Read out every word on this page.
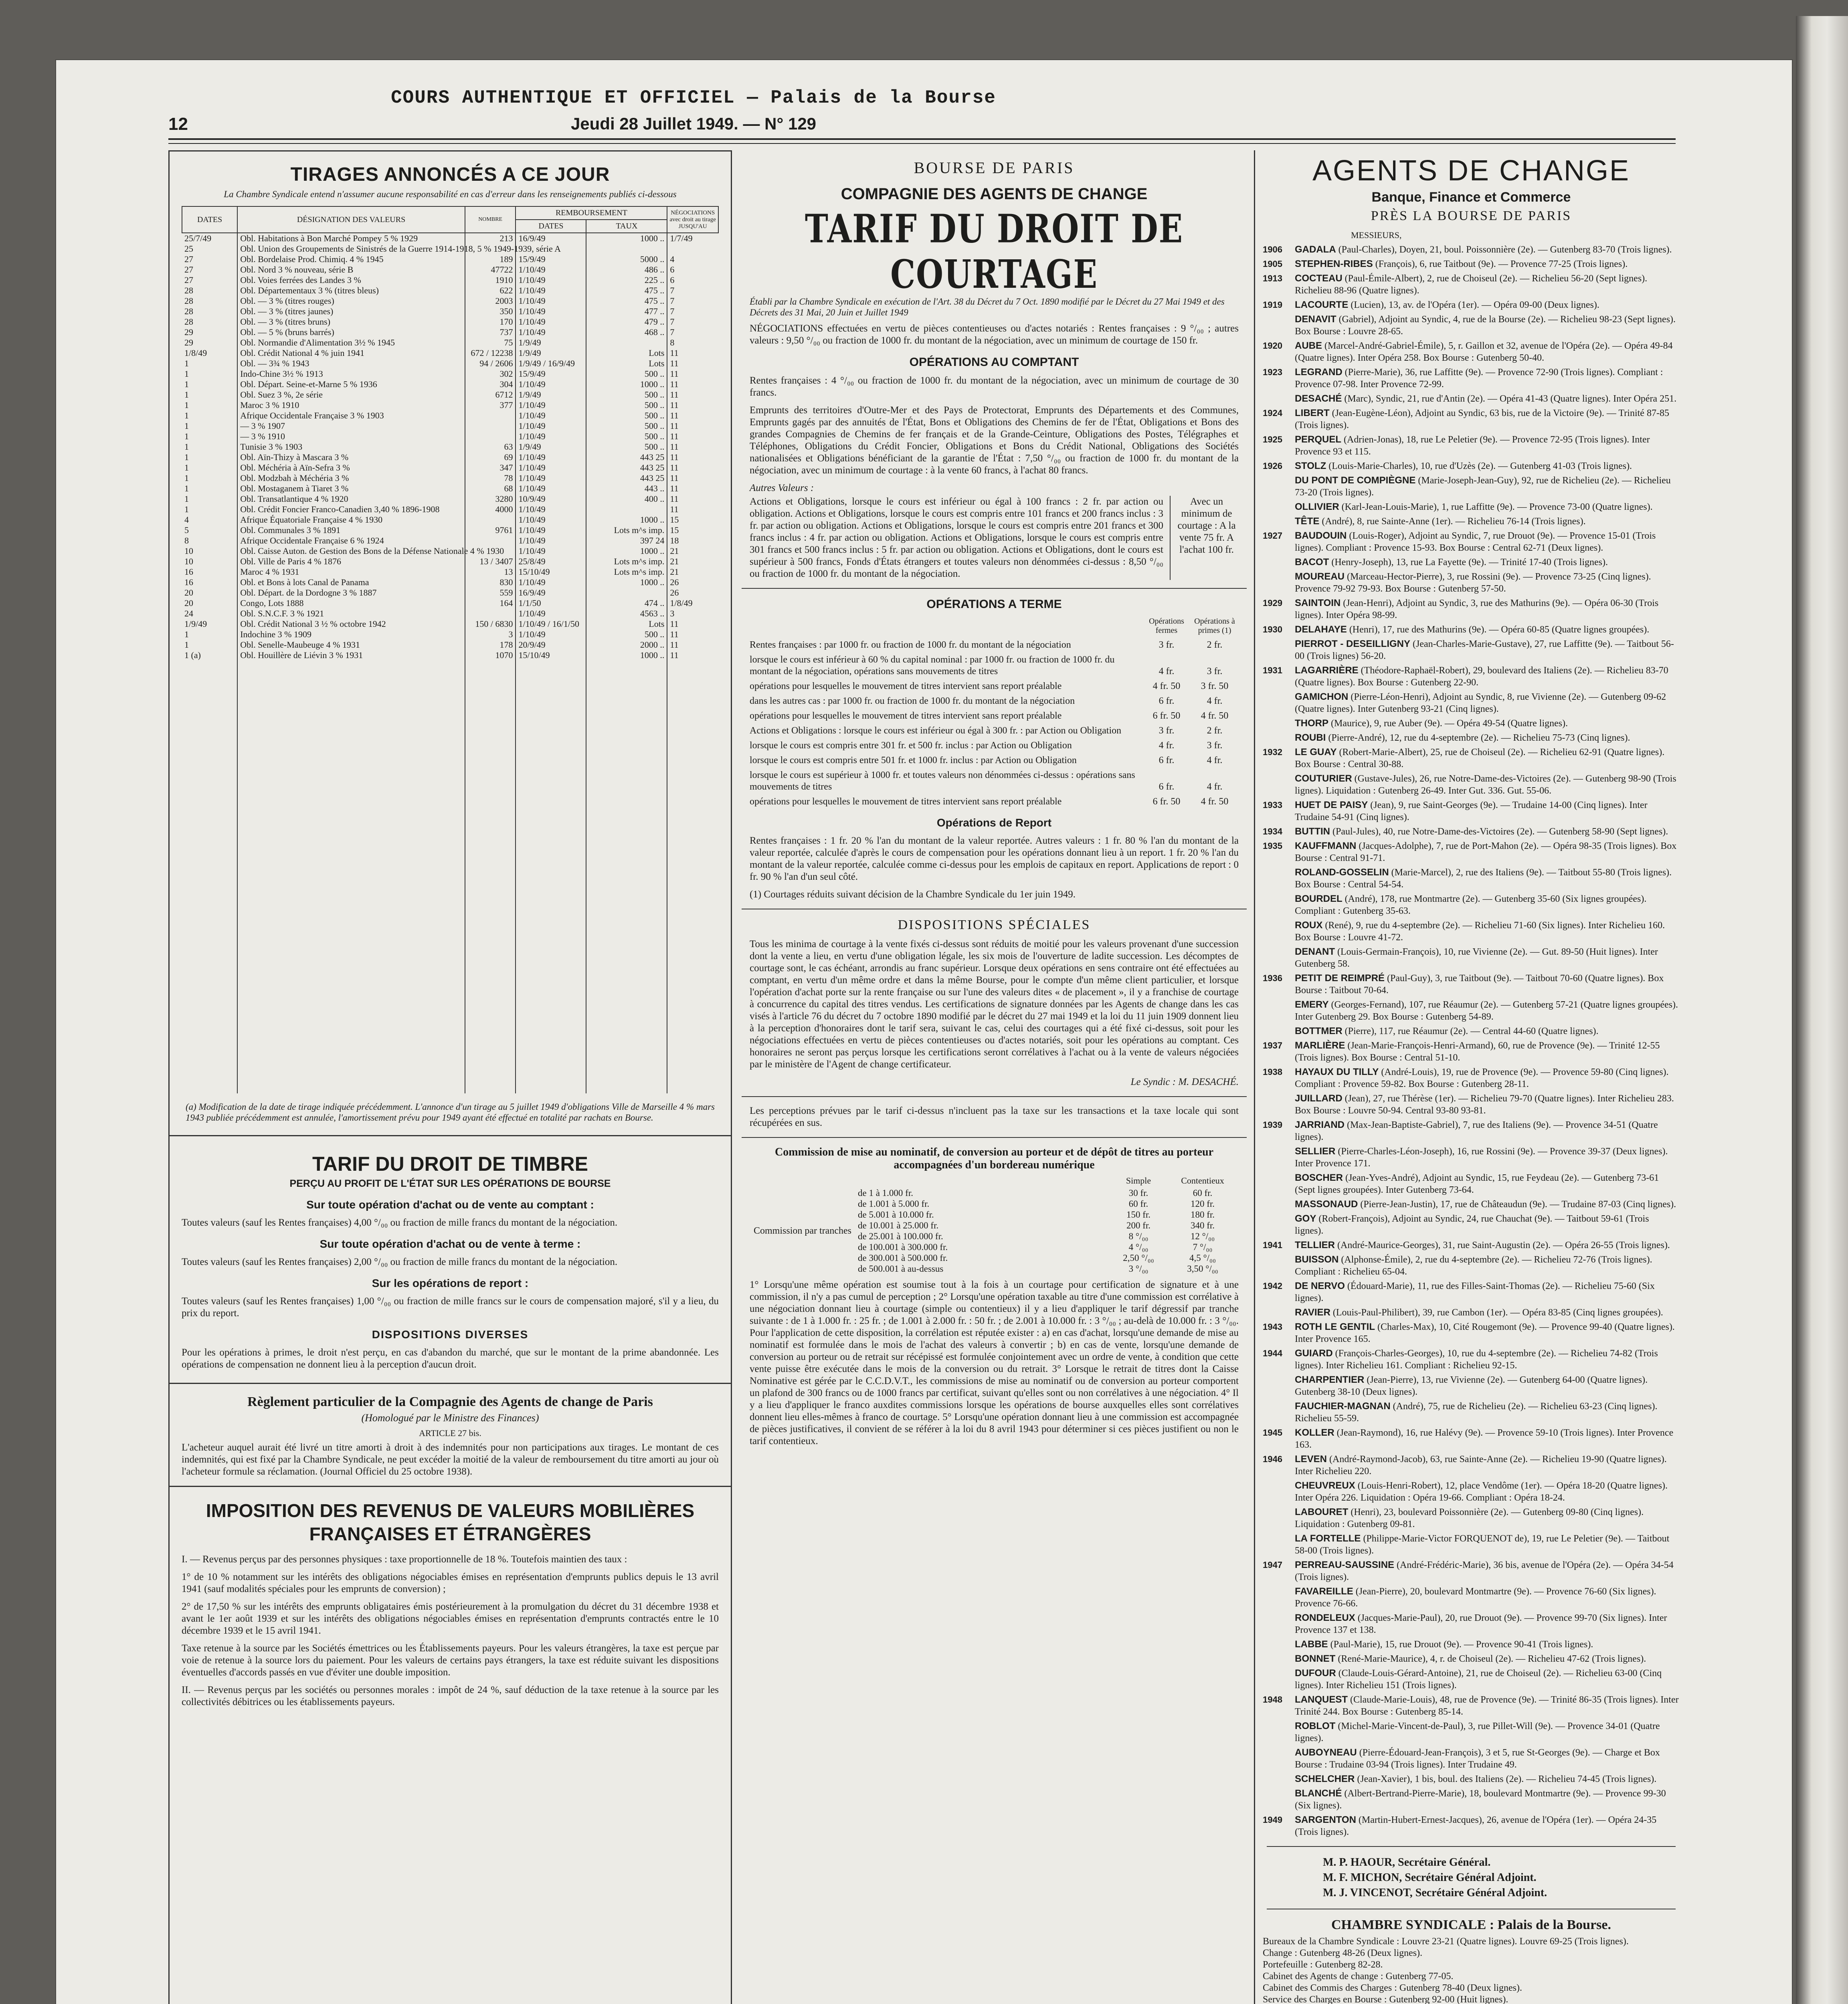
COURS AUTHENTIQUE ET OFFICIEL — Palais de la Bourse
12	Jeudi 28 Juillet 1949. — N° 129
TIRAGES ANNONCÉS A CE JOUR
La Chambre Syndicale entend n'assumer aucune responsabilité en cas d'erreur dans les renseignements publiés ci-dessous
DATES	DÉSIGNATION DES VALEURS	NOMBRE	REMBOURSEMENT		NÉGOCIATIONS avec droit au tirage JUSQU'AU
			DATES	TAUX	
25/7/49	Obl. Habitations à Bon Marché Pompey 5 % 1929	213	16/9/49	1000 ..	1/7/49
25	Obl. Union des Groupements de Sinistrés de la Guerre 1914-1918, 5 % 1949-1939, série A				
27	Obl. Bordelaise Prod. Chimiq. 4 % 1945	189	15/9/49	5000 ..	4
27	Obl. Nord 3 % nouveau, série B	47722	1/10/49	486 ..	6
27	Obl. Voies ferrées des Landes 3 %	1910	1/10/49	225 ..	6
28	Obl. Départementaux 3 % (titres bleus)	622	1/10/49	475 ..	7
28	Obl. — 3 % (titres rouges)	2003	1/10/49	475 ..	7
28	Obl. — 3 % (titres jaunes)	350	1/10/49	477 ..	7
28	Obl. — 3 % (titres bruns)	170	1/10/49	479 ..	7
29	Obl. — 5 % (bruns barrés)	737	1/10/49	468 ..	7
29	Obl. Normandie d'Alimentation 3½ % 1945	75	1/9/49		8
1/8/49	Obl. Crédit National 4 % juin 1941	672 / 12238	1/9/49	Lots	11
1	Obl. — 3¾ % 1943	94 / 2606	1/9/49 / 16/9/49	Lots	11
1	Indo-Chine 3½ % 1913	302	15/9/49	500 ..	11
1	Obl. Départ. Seine-et-Marne 5 % 1936	304	1/10/49	1000 ..	11
1	Obl. Suez 3 %, 2e série	6712	1/9/49	500 ..	11
1	Maroc 3 % 1910	377	1/10/49	500 ..	11
1	Afrique Occidentale Française 3 % 1903		1/10/49	500 ..	11
1	— 3 % 1907		1/10/49	500 ..	11
1	— 3 % 1910		1/10/49	500 ..	11
1	Tunisie 3 % 1903	63	1/9/49	500 ..	11
1	Obl. Aïn-Thizy à Mascara 3 %	69	1/10/49	443 25	11
1	Obl. Méchéria à Aïn-Sefra 3 %	347	1/10/49	443 25	11
1	Obl. Modzbah à Méchéria 3 %	78	1/10/49	443 25	11
1	Obl. Mostaganem à Tiaret 3 %	68	1/10/49	443 ..	11
1	Obl. Transatlantique 4 % 1920	3280	10/9/49	400 ..	11
1	Obl. Crédit Foncier Franco-Canadien 3,40 % 1896-1908	4000	1/10/49		11
4	Afrique Équatoriale Française 4 % 1930		1/10/49	1000 ..	15
5	Obl. Communales 3 % 1891	9761	1/10/49	Lots m^s imp.	15
8	Afrique Occidentale Française 6 % 1924		1/10/49	397 24	18
10	Obl. Caisse Auton. de Gestion des Bons de la Défense Nationale 4 % 1930		1/10/49	1000 ..	21
10	Obl. Ville de Paris 4 % 1876	13 / 3407	25/8/49	Lots m^s imp.	21
16	Maroc 4 % 1931	13	15/10/49	Lots m^s imp.	21
16	Obl. et Bons à lots Canal de Panama	830	1/10/49	1000 ..	26
20	Obl. Départ. de la Dordogne 3 % 1887	559	16/9/49		26
20	Congo, Lots 1888	164	1/1/50	474 ..	1/8/49
24	Obl. S.N.C.F. 3 % 1921		1/10/49	4563 ..	3
1/9/49	Obl. Crédit National 3 ½ % octobre 1942	150 / 6830	1/10/49 / 16/1/50	Lots	11
1	Indochine 3 % 1909	3	1/10/49	500 ..	11
1	Obl. Senelle-Maubeuge 4 % 1931	178	20/9/49	2000 ..	11
1 (a)	Obl. Houillère de Liévin 3 % 1931	1070	15/10/49	1000 ..	11

(a) Modification de la date de tirage indiquée précédemment. L'annonce d'un tirage au 5 juillet 1949 d'obligations Ville de Marseille 4 % mars 1943 publiée précédemment est annulée, l'amortissement prévu pour 1949 ayant été effectué en totalité par rachats en Bourse.
TARIF DU DROIT DE TIMBRE
PERÇU AU PROFIT DE L'ÉTAT SUR LES OPÉRATIONS DE BOURSE
Sur toute opération d'achat ou de vente au comptant :
Toutes valeurs (sauf les Rentes françaises) 4,00 °/₀₀ ou fraction de mille francs du montant de la négociation.
Sur toute opération d'achat ou de vente à terme :
Toutes valeurs (sauf les Rentes françaises) 2,00 °/₀₀ ou fraction de mille francs du montant de la négociation.
Sur les opérations de report :
Toutes valeurs (sauf les Rentes françaises) 1,00 °/₀₀ ou fraction de mille francs sur le cours de compensation majoré, s'il y a lieu, du prix du report.
DISPOSITIONS DIVERSES
Pour les opérations à primes, le droit n'est perçu, en cas d'abandon du marché, que sur le montant de la prime abandonnée. Les opérations de compensation ne donnent lieu à la perception d'aucun droit.
Règlement particulier de la Compagnie des Agents de change de Paris
(Homologué par le Ministre des Finances)
ARTICLE 27 bis.
L'acheteur auquel aurait été livré un titre amorti à droit à des indemnités pour non participations aux tirages. Le montant de ces indemnités, qui est fixé par la Chambre Syndicale, ne peut excéder la moitié de la valeur de remboursement du titre amorti au jour où l'acheteur formule sa réclamation. (Journal Officiel du 25 octobre 1938).
IMPOSITION DES REVENUS DE VALEURS MOBILIÈRES FRANÇAISES ET ÉTRANGÈRES
I. — Revenus perçus par des personnes physiques : taxe proportionnelle de 18 %. Toutefois maintien des taux :
1° de 10 % notamment sur les intérêts des obligations négociables émises en représentation d'emprunts publics depuis le 13 avril 1941 (sauf modalités spéciales pour les emprunts de conversion) ;
2° de 17,50 % sur les intérêts des emprunts obligataires émis postérieurement à la promulgation du décret du 31 décembre 1938 et avant le 1er août 1939 et sur les intérêts des obligations négociables émises en représentation d'emprunts contractés entre le 10 décembre 1939 et le 15 avril 1941.
Taxe retenue à la source par les Sociétés émettrices ou les Établissements payeurs. Pour les valeurs étrangères, la taxe est perçue par voie de retenue à la source lors du paiement. Pour les valeurs de certains pays étrangers, la taxe est réduite suivant les dispositions éventuelles d'accords passés en vue d'éviter une double imposition.
II. — Revenus perçus par les sociétés ou personnes morales : impôt de 24 %, sauf déduction de la taxe retenue à la source par les collectivités débitrices ou les établissements payeurs.
BOURSE DE PARIS
COMPAGNIE DES AGENTS DE CHANGE
TARIF DU DROIT DE COURTAGE
Établi par la Chambre Syndicale en exécution de l'Art. 38 du Décret du 7 Oct. 1890 modifié par le Décret du 27 Mai 1949 et des Décrets des 31 Mai, 20 Juin et Juillet 1949
NÉGOCIATIONS effectuées en vertu de pièces contentieuses ou d'actes notariés : Rentes françaises : 9 °/₀₀ ; autres valeurs : 9,50 °/₀₀ ou fraction de 1000 fr. du montant de la négociation, avec un minimum de courtage de 150 fr.
OPÉRATIONS AU COMPTANT
Rentes françaises : 4 °/₀₀ ou fraction de 1000 fr. du montant de la négociation, avec un minimum de courtage de 30 francs.
Emprunts des territoires d'Outre-Mer et des Pays de Protectorat, Emprunts des Départements et des Communes, Emprunts gagés par des annuités de l'État, Bons et Obligations des Chemins de fer de l'État, Obligations et Bons des grandes Compagnies de Chemins de fer français et de la Grande-Ceinture, Obligations des Postes, Télégraphes et Téléphones, Obligations du Crédit Foncier, Obligations et Bons du Crédit National, Obligations des Sociétés nationalisées et Obligations bénéficiant de la garantie de l'État : 7,50 °/₀₀ ou fraction de 1000 fr. du montant de la négociation, avec un minimum de courtage : à la vente 60 francs, à l'achat 80 francs.
Autres Valeurs :
Actions et Obligations, lorsque le cours est inférieur ou égal à 100 francs : 2 fr. par action ou obligation. Actions et Obligations, lorsque le cours est compris entre 101 francs et 200 francs inclus : 3 fr. par action ou obligation. Actions et Obligations, lorsque le cours est compris entre 201 francs et 300 francs inclus : 4 fr. par action ou obligation. Actions et Obligations, lorsque le cours est compris entre 301 francs et 500 francs inclus : 5 fr. par action ou obligation. Actions et Obligations, dont le cours est supérieur à 500 francs, Fonds d'États étrangers et toutes valeurs non dénommées ci-dessus : 8,50 °/₀₀ ou fraction de 1000 fr. du montant de la négociation.
Avec un minimum de courtage : A la vente 75 fr. A l'achat 100 fr.
OPÉRATIONS A TERME
Opérations fermes
Opérations à primes (1)
Rentes françaises : par 1000 fr. ou fraction de 1000 fr. du montant de la négociation	3 fr.	2 fr.
lorsque le cours est inférieur à 60 % du capital nominal : par 1000 fr. ou fraction de 1000 fr. du montant de la négociation, opérations sans mouvements de titres	4 fr.	3 fr.
opérations pour lesquelles le mouvement de titres intervient sans report préalable	4 fr. 50	3 fr. 50
dans les autres cas : par 1000 fr. ou fraction de 1000 fr. du montant de la négociation	6 fr.	4 fr.
opérations pour lesquelles le mouvement de titres intervient sans report préalable	6 fr. 50	4 fr. 50
Actions et Obligations : lorsque le cours est inférieur ou égal à 300 fr. : par Action ou Obligation	3 fr.	2 fr.
lorsque le cours est compris entre 301 fr. et 500 fr. inclus : par Action ou Obligation	4 fr.	3 fr.
lorsque le cours est compris entre 501 fr. et 1000 fr. inclus : par Action ou Obligation	6 fr.	4 fr.
lorsque le cours est supérieur à 1000 fr. et toutes valeurs non dénommées ci-dessus : opérations sans mouvements de titres	6 fr.	4 fr.
opérations pour lesquelles le mouvement de titres intervient sans report préalable	6 fr. 50	4 fr. 50
Opérations de Report
Rentes françaises : 1 fr. 20 % l'an du montant de la valeur reportée. Autres valeurs : 1 fr. 80 % l'an du montant de la valeur reportée, calculée d'après le cours de compensation pour les opérations donnant lieu à un report. 1 fr. 20 % l'an du montant de la valeur reportée, calculée comme ci-dessus pour les emplois de capitaux en report. Applications de report : 0 fr. 90 % l'an d'un seul côté.
(1) Courtages réduits suivant décision de la Chambre Syndicale du 1er juin 1949.
DISPOSITIONS SPÉCIALES
Tous les minima de courtage à la vente fixés ci-dessus sont réduits de moitié pour les valeurs provenant d'une succession dont la vente a lieu, en vertu d'une obligation légale, les six mois de l'ouverture de ladite succession. Les décomptes de courtage sont, le cas échéant, arrondis au franc supérieur. Lorsque deux opérations en sens contraire ont été effectuées au comptant, en vertu d'un même ordre et dans la même Bourse, pour le compte d'un même client particulier, et lorsque l'opération d'achat porte sur la rente française ou sur l'une des valeurs dites « de placement », il y a franchise de courtage à concurrence du capital des titres vendus. Les certifications de signature données par les Agents de change dans les cas visés à l'article 76 du décret du 7 octobre 1890 modifié par le décret du 27 mai 1949 et la loi du 11 juin 1909 donnent lieu à la perception d'honoraires dont le tarif sera, suivant le cas, celui des courtages qui a été fixé ci-dessus, soit pour les négociations effectuées en vertu de pièces contentieuses ou d'actes notariés, soit pour les opérations au comptant. Ces honoraires ne seront pas perçus lorsque les certifications seront corrélatives à l'achat ou à la vente de valeurs négociées par le ministère de l'Agent de change certificateur.
Le Syndic : M. DESACHÉ.
Les perceptions prévues par le tarif ci-dessus n'incluent pas la taxe sur les transactions et la taxe locale qui sont récupérées en sus.
Commission de mise au nominatif, de conversion au porteur et de dépôt de titres au porteur accompagnées d'un bordereau numérique
Simple	Contentieux
Commission par tranches
de 1 à 1.000 fr.	30 fr.	60 fr.
de 1.001 à 5.000 fr.	60 fr.	120 fr.
de 5.001 à 10.000 fr.	150 fr.	180 fr.
de 10.001 à 25.000 fr.	200 fr.	340 fr.
de 25.001 à 100.000 fr.	8 °/₀₀	12 °/₀₀
de 100.001 à 300.000 fr.	4 °/₀₀	7 °/₀₀
de 300.001 à 500.000 fr.	2,50 °/₀₀	4,5 °/₀₀
de 500.001 à au-dessus	3 °/₀₀	3,50 °/₀₀
1° Lorsqu'une même opération est soumise tout à la fois à un courtage pour certification de signature et à une commission, il n'y a pas cumul de perception ; 2° Lorsqu'une opération taxable au titre d'une commission est corrélative à une négociation donnant lieu à courtage (simple ou contentieux) il y a lieu d'appliquer le tarif dégressif par tranche suivante : de 1 à 1.000 fr. : 25 fr. ; de 1.001 à 2.000 fr. : 50 fr. ; de 2.001 à 10.000 fr. : 3 °/₀₀ ; au-delà de 10.000 fr. : 3 °/₀₀. Pour l'application de cette disposition, la corrélation est réputée exister : a) en cas d'achat, lorsqu'une demande de mise au nominatif est formulée dans le mois de l'achat des valeurs à convertir ; b) en cas de vente, lorsqu'une demande de conversion au porteur ou de retrait sur récépissé est formulée conjointement avec un ordre de vente, à condition que cette vente puisse être exécutée dans le mois de la conversion ou du retrait. 3° Lorsque le retrait de titres dont la Caisse Nominative est gérée par le C.C.D.V.T., les commissions de mise au nominatif ou de conversion au porteur comportent un plafond de 300 francs ou de 1000 francs par certificat, suivant qu'elles sont ou non corrélatives à une négociation. 4° Il y a lieu d'appliquer le franco auxdites commissions lorsque les opérations de bourse auxquelles elles sont corrélatives donnent lieu elles-mêmes à franco de courtage. 5° Lorsqu'une opération donnant lieu à une commission est accompagnée de pièces justificatives, il convient de se référer à la loi du 8 avril 1943 pour déterminer si ces pièces justifient ou non le tarif contentieux.
AGENTS DE CHANGE
Banque, Finance et Commerce
PRÈS LA BOURSE DE PARIS
MESSIEURS,
1906 GADALA (Paul-Charles), Doyen, 21, boul. Poissonnière (2e). — Gutenberg 83-70 (Trois lignes).
1905 STEPHEN-RIBES (François), 6, rue Taitbout (9e). — Provence 77-25 (Trois lignes).
1913 COCTEAU (Paul-Émile-Albert), 2, rue de Choiseul (2e). — Richelieu 56-20 (Sept lignes). Richelieu 88-96 (Quatre lignes).
1919 LACOURTE (Lucien), 13, av. de l'Opéra (1er). — Opéra 09-00 (Deux lignes).
DENAVIT (Gabriel), Adjoint au Syndic, 4, rue de la Bourse (2e). — Richelieu 98-23 (Sept lignes). Box Bourse : Louvre 28-65.
1920 AUBE (Marcel-André-Gabriel-Émile), 5, r. Gaillon et 32, avenue de l'Opéra (2e). — Opéra 49-84 (Quatre lignes). Inter Opéra 258. Box Bourse : Gutenberg 50-40.
1923 LEGRAND (Pierre-Marie), 36, rue Laffitte (9e). — Provence 72-90 (Trois lignes). Compliant : Provence 07-98. Inter Provence 72-99.
DESACHÉ (Marc), Syndic, 21, rue d'Antin (2e). — Opéra 41-43 (Quatre lignes). Inter Opéra 251.
1924 LIBERT (Jean-Eugène-Léon), Adjoint au Syndic, 63 bis, rue de la Victoire (9e). — Trinité 87-85 (Trois lignes).
1925 PERQUEL (Adrien-Jonas), 18, rue Le Peletier (9e). — Provence 72-95 (Trois lignes). Inter Provence 93 et 115.
1926 STOLZ (Louis-Marie-Charles), 10, rue d'Uzès (2e). — Gutenberg 41-03 (Trois lignes).
DU PONT DE COMPIÈGNE (Marie-Joseph-Jean-Guy), 92, rue de Richelieu (2e). — Richelieu 73-20 (Trois lignes).
OLLIVIER (Karl-Jean-Louis-Marie), 1, rue Laffitte (9e). — Provence 73-00 (Quatre lignes).
TÊTE (André), 8, rue Sainte-Anne (1er). — Richelieu 76-14 (Trois lignes).
1927 BAUDOUIN (Louis-Roger), Adjoint au Syndic, 7, rue Drouot (9e). — Provence 15-01 (Trois lignes). Compliant : Provence 15-93. Box Bourse : Central 62-71 (Deux lignes).
BACOT (Henry-Joseph), 13, rue La Fayette (9e). — Trinité 17-40 (Trois lignes).
MOUREAU (Marceau-Hector-Pierre), 3, rue Rossini (9e). — Provence 73-25 (Cinq lignes). Provence 79-92 79-93. Box Bourse : Gutenberg 57-50.
1929 SAINTOIN (Jean-Henri), Adjoint au Syndic, 3, rue des Mathurins (9e). — Opéra 06-30 (Trois lignes). Inter Opéra 98-99.
1930 DELAHAYE (Henri), 17, rue des Mathurins (9e). — Opéra 60-85 (Quatre lignes groupées).
PIERROT - DESEILLIGNY (Jean-Charles-Marie-Gustave), 27, rue Laffitte (9e). — Taitbout 56-00 (Trois lignes) 56-20.
1931 LAGARRIÈRE (Théodore-Raphaël-Robert), 29, boulevard des Italiens (2e). — Richelieu 83-70 (Quatre lignes). Box Bourse : Gutenberg 22-90.
GAMICHON (Pierre-Léon-Henri), Adjoint au Syndic, 8, rue Vivienne (2e). — Gutenberg 09-62 (Quatre lignes). Inter Gutenberg 93-21 (Cinq lignes).
THORP (Maurice), 9, rue Auber (9e). — Opéra 49-54 (Quatre lignes).
ROUBI (Pierre-André), 12, rue du 4-septembre (2e). — Richelieu 75-73 (Cinq lignes).
1932 LE GUAY (Robert-Marie-Albert), 25, rue de Choiseul (2e). — Richelieu 62-91 (Quatre lignes). Box Bourse : Central 30-88.
COUTURIER (Gustave-Jules), 26, rue Notre-Dame-des-Victoires (2e). — Gutenberg 98-90 (Trois lignes). Liquidation : Gutenberg 26-49. Inter Gut. 336. Gut. 55-06.
1933 HUET DE PAISY (Jean), 9, rue Saint-Georges (9e). — Trudaine 14-00 (Cinq lignes). Inter Trudaine 54-91 (Cinq lignes).
1934 BUTTIN (Paul-Jules), 40, rue Notre-Dame-des-Victoires (2e). — Gutenberg 58-90 (Sept lignes).
1935 KAUFFMANN (Jacques-Adolphe), 7, rue de Port-Mahon (2e). — Opéra 98-35 (Trois lignes). Box Bourse : Central 91-71.
ROLAND-GOSSELIN (Marie-Marcel), 2, rue des Italiens (9e). — Taitbout 55-80 (Trois lignes). Box Bourse : Central 54-54.
BOURDEL (André), 178, rue Montmartre (2e). — Gutenberg 35-60 (Six lignes groupées). Compliant : Gutenberg 35-63.
ROUX (René), 9, rue du 4-septembre (2e). — Richelieu 71-60 (Six lignes). Inter Richelieu 160. Box Bourse : Louvre 41-72.
DENANT (Louis-Germain-François), 10, rue Vivienne (2e). — Gut. 89-50 (Huit lignes). Inter Gutenberg 58.
1936 PETIT DE REIMPRÉ (Paul-Guy), 3, rue Taitbout (9e). — Taitbout 70-60 (Quatre lignes). Box Bourse : Taitbout 70-64.
EMERY (Georges-Fernand), 107, rue Réaumur (2e). — Gutenberg 57-21 (Quatre lignes groupées). Inter Gutenberg 29. Box Bourse : Gutenberg 54-89.
BOTTMER (Pierre), 117, rue Réaumur (2e). — Central 44-60 (Quatre lignes).
1937 MARLIÈRE (Jean-Marie-François-Henri-Armand), 60, rue de Provence (9e). — Trinité 12-55 (Trois lignes). Box Bourse : Central 51-10.
1938 HAYAUX DU TILLY (André-Louis), 19, rue de Provence (9e). — Provence 59-80 (Cinq lignes). Compliant : Provence 59-82. Box Bourse : Gutenberg 28-11.
JUILLARD (Jean), 27, rue Thérèse (1er). — Richelieu 79-70 (Quatre lignes). Inter Richelieu 283. Box Bourse : Louvre 50-94. Central 93-80 93-81.
1939 JARRIAND (Max-Jean-Baptiste-Gabriel), 7, rue des Italiens (9e). — Provence 34-51 (Quatre lignes).
SELLIER (Pierre-Charles-Léon-Joseph), 16, rue Rossini (9e). — Provence 39-37 (Deux lignes). Inter Provence 171.
BOSCHER (Jean-Yves-André), Adjoint au Syndic, 15, rue Feydeau (2e). — Gutenberg 73-61 (Sept lignes groupées). Inter Gutenberg 73-64.
MASSONAUD (Pierre-Jean-Justin), 17, rue de Châteaudun (9e). — Trudaine 87-03 (Cinq lignes).
GOY (Robert-François), Adjoint au Syndic, 24, rue Chauchat (9e). — Taitbout 59-61 (Trois lignes).
1941 TELLIER (André-Maurice-Georges), 31, rue Saint-Augustin (2e). — Opéra 26-55 (Trois lignes).
BUISSON (Alphonse-Émile), 2, rue du 4-septembre (2e). — Richelieu 72-76 (Trois lignes). Compliant : Richelieu 65-04.
1942 DE NERVO (Édouard-Marie), 11, rue des Filles-Saint-Thomas (2e). — Richelieu 75-60 (Six lignes).
RAVIER (Louis-Paul-Philibert), 39, rue Cambon (1er). — Opéra 83-85 (Cinq lignes groupées).
1943 ROTH LE GENTIL (Charles-Max), 10, Cité Rougemont (9e). — Provence 99-40 (Quatre lignes). Inter Provence 165.
1944 GUIARD (François-Charles-Georges), 10, rue du 4-septembre (2e). — Richelieu 74-82 (Trois lignes). Inter Richelieu 161. Compliant : Richelieu 92-15.
CHARPENTIER (Jean-Pierre), 13, rue Vivienne (2e). — Gutenberg 64-00 (Quatre lignes). Gutenberg 38-10 (Deux lignes).
FAUCHIER-MAGNAN (André), 75, rue de Richelieu (2e). — Richelieu 63-23 (Cinq lignes). Richelieu 55-59.
1945 KOLLER (Jean-Raymond), 16, rue Halévy (9e). — Provence 59-10 (Trois lignes). Inter Provence 163.
1946 LEVEN (André-Raymond-Jacob), 63, rue Sainte-Anne (2e). — Richelieu 19-90 (Quatre lignes). Inter Richelieu 220.
CHEUVREUX (Louis-Henri-Robert), 12, place Vendôme (1er). — Opéra 18-20 (Quatre lignes). Inter Opéra 226. Liquidation : Opéra 19-66. Compliant : Opéra 18-24.
LABOURET (Henri), 23, boulevard Poissonnière (2e). — Gutenberg 09-80 (Cinq lignes). Liquidation : Gutenberg 09-81.
LA FORTELLE (Philippe-Marie-Victor FORQUENOT de), 19, rue Le Peletier (9e). — Taitbout 58-00 (Trois lignes).
1947 PERREAU-SAUSSINE (André-Frédéric-Marie), 36 bis, avenue de l'Opéra (2e). — Opéra 34-54 (Trois lignes).
FAVAREILLE (Jean-Pierre), 20, boulevard Montmartre (9e). — Provence 76-60 (Six lignes). Provence 76-66.
RONDELEUX (Jacques-Marie-Paul), 20, rue Drouot (9e). — Provence 99-70 (Six lignes). Inter Provence 137 et 138.
LABBE (Paul-Marie), 15, rue Drouot (9e). — Provence 90-41 (Trois lignes).
BONNET (René-Marie-Maurice), 4, r. de Choiseul (2e). — Richelieu 47-62 (Trois lignes).
DUFOUR (Claude-Louis-Gérard-Antoine), 21, rue de Choiseul (2e). — Richelieu 63-00 (Cinq lignes). Inter Richelieu 151 (Trois lignes).
1948 LANQUEST (Claude-Marie-Louis), 48, rue de Provence (9e). — Trinité 86-35 (Trois lignes). Inter Trinité 244. Box Bourse : Gutenberg 85-14.
ROBLOT (Michel-Marie-Vincent-de-Paul), 3, rue Pillet-Will (9e). — Provence 34-01 (Quatre lignes).
AUBOYNEAU (Pierre-Édouard-Jean-François), 3 et 5, rue St-Georges (9e). — Charge et Box Bourse : Trudaine 03-94 (Trois lignes). Inter Trudaine 49.
SCHELCHER (Jean-Xavier), 1 bis, boul. des Italiens (2e). — Richelieu 74-45 (Trois lignes).
BLANCHÉ (Albert-Bertrand-Pierre-Marie), 18, boulevard Montmartre (9e). — Provence 99-30 (Six lignes).
1949 SARGENTON (Martin-Hubert-Ernest-Jacques), 26, avenue de l'Opéra (1er). — Opéra 24-35 (Trois lignes).
M. P. HAOUR, Secrétaire Général.
M. F. MICHON, Secrétaire Général Adjoint.
M. J. VINCENOT, Secrétaire Général Adjoint.
CHAMBRE SYNDICALE : Palais de la Bourse.
Bureaux de la Chambre Syndicale : Louvre 23-21 (Quatre lignes). Louvre 69-25 (Trois lignes).
Change : Gutenberg 48-26 (Deux lignes).
Portefeuille : Gutenberg 82-28.
Cabinet des Agents de change : Gutenberg 77-05.
Cabinet des Commis des Charges : Gutenberg 78-40 (Deux lignes).
Service des Charges en Bourse : Gutenberg 92-00 (Huit lignes).
